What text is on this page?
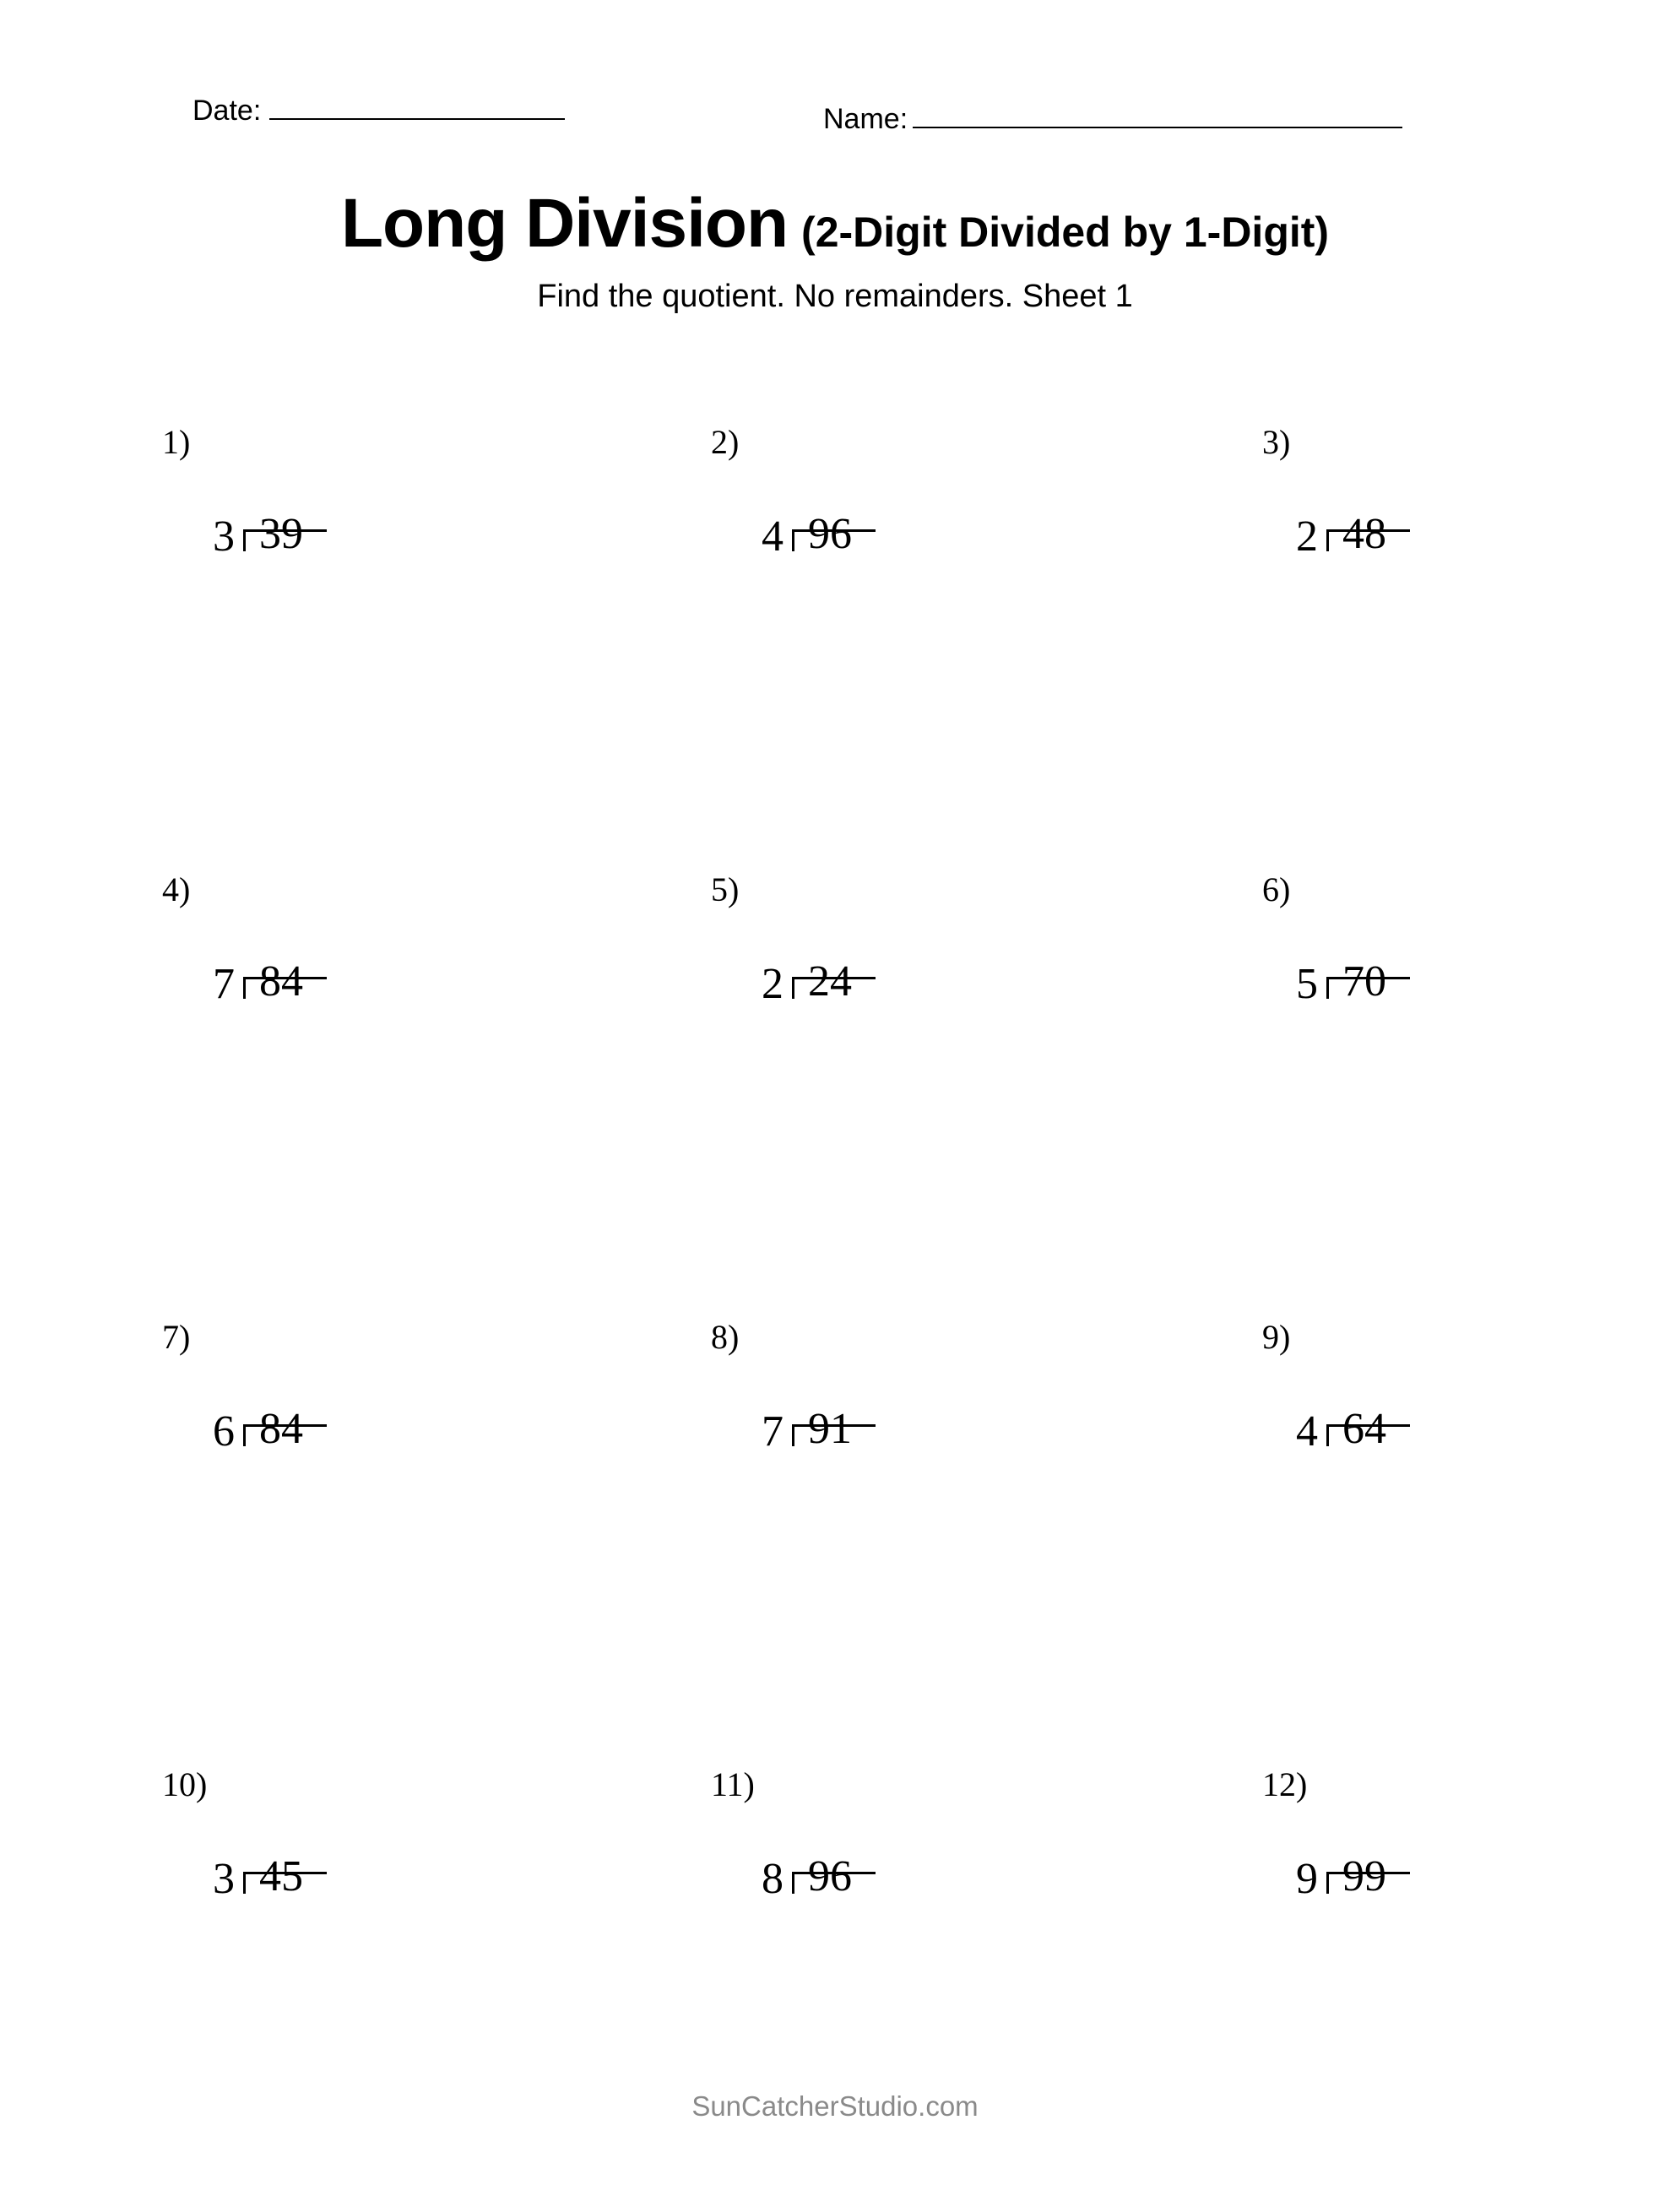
Date:	Name:
Long Division (2-Digit Divided by 1-Digit)
Find the quotient. No remainders. Sheet 1
1)
3 39
2)
4 96
3)
2 48
4)
7 84
5)
2 24
6)
5 70
7)
6 84
8)
7 91
9)
4 64
10)
3 45
11)
8 96
12)
9 99
SunCatcherStudio.com
